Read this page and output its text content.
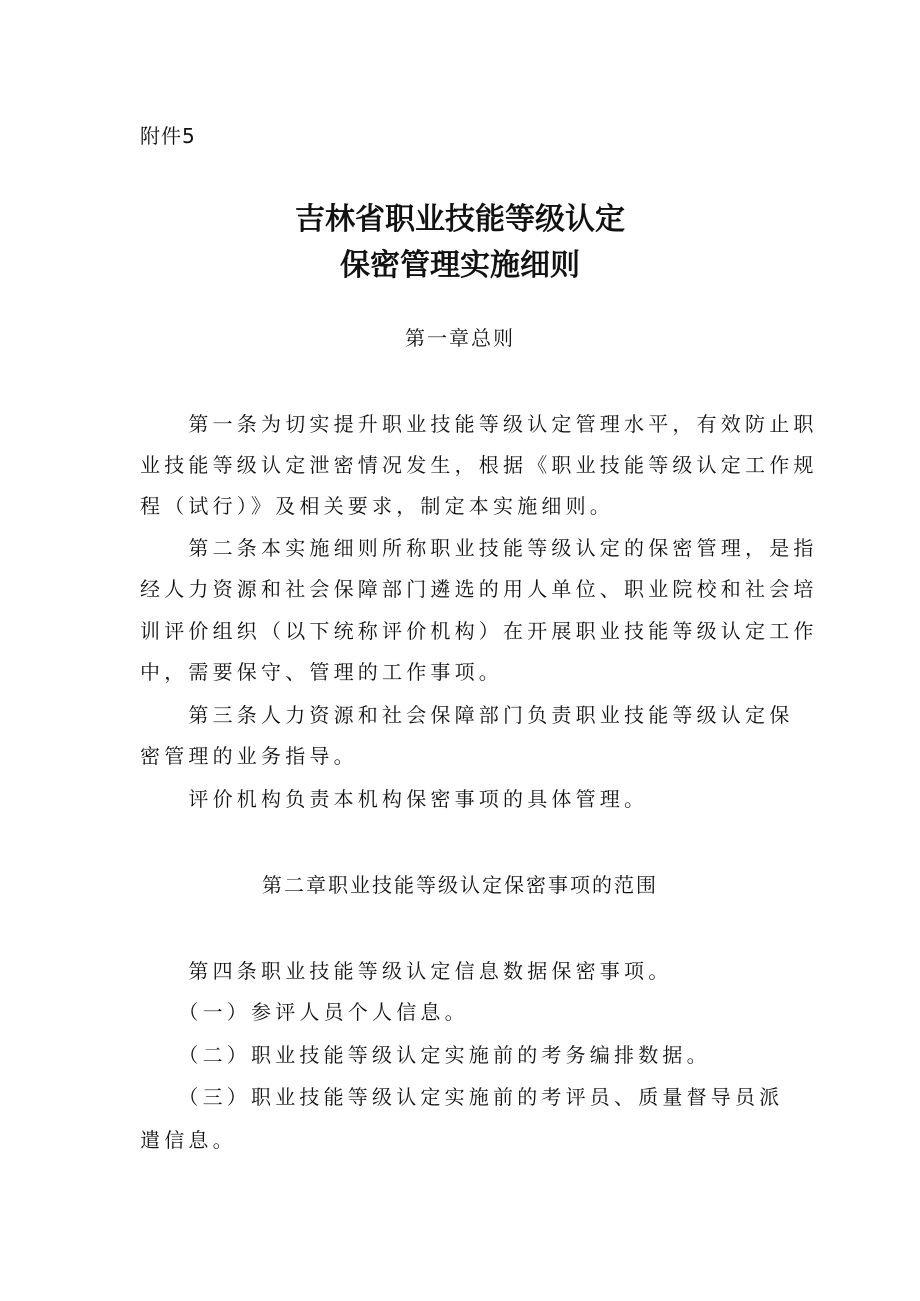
附件5
吉林省职业技能等级认定
保密管理实施细则
第一章总则
　　第一条为切实提升职业技能等级认定管理水平，有效防止职
业技能等级认定泄密情况发生，根据《职业技能等级认定工作规
程（试行）》及相关要求，制定本实施细则。
　　第二条本实施细则所称职业技能等级认定的保密管理，是指
经人力资源和社会保障部门遴选的用人单位、职业院校和社会培
训评价组织（以下统称评价机构）在开展职业技能等级认定工作
中，需要保守、管理的工作事项。
　　第三条人力资源和社会保障部门负责职业技能等级认定保
密管理的业务指导。
　　评价机构负责本机构保密事项的具体管理。
第二章职业技能等级认定保密事项的范围
　　第四条职业技能等级认定信息数据保密事项。
　　（一）参评人员个人信息。
　　（二）职业技能等级认定实施前的考务编排数据。
　　（三）职业技能等级认定实施前的考评员、质量督导员派
遣信息。
